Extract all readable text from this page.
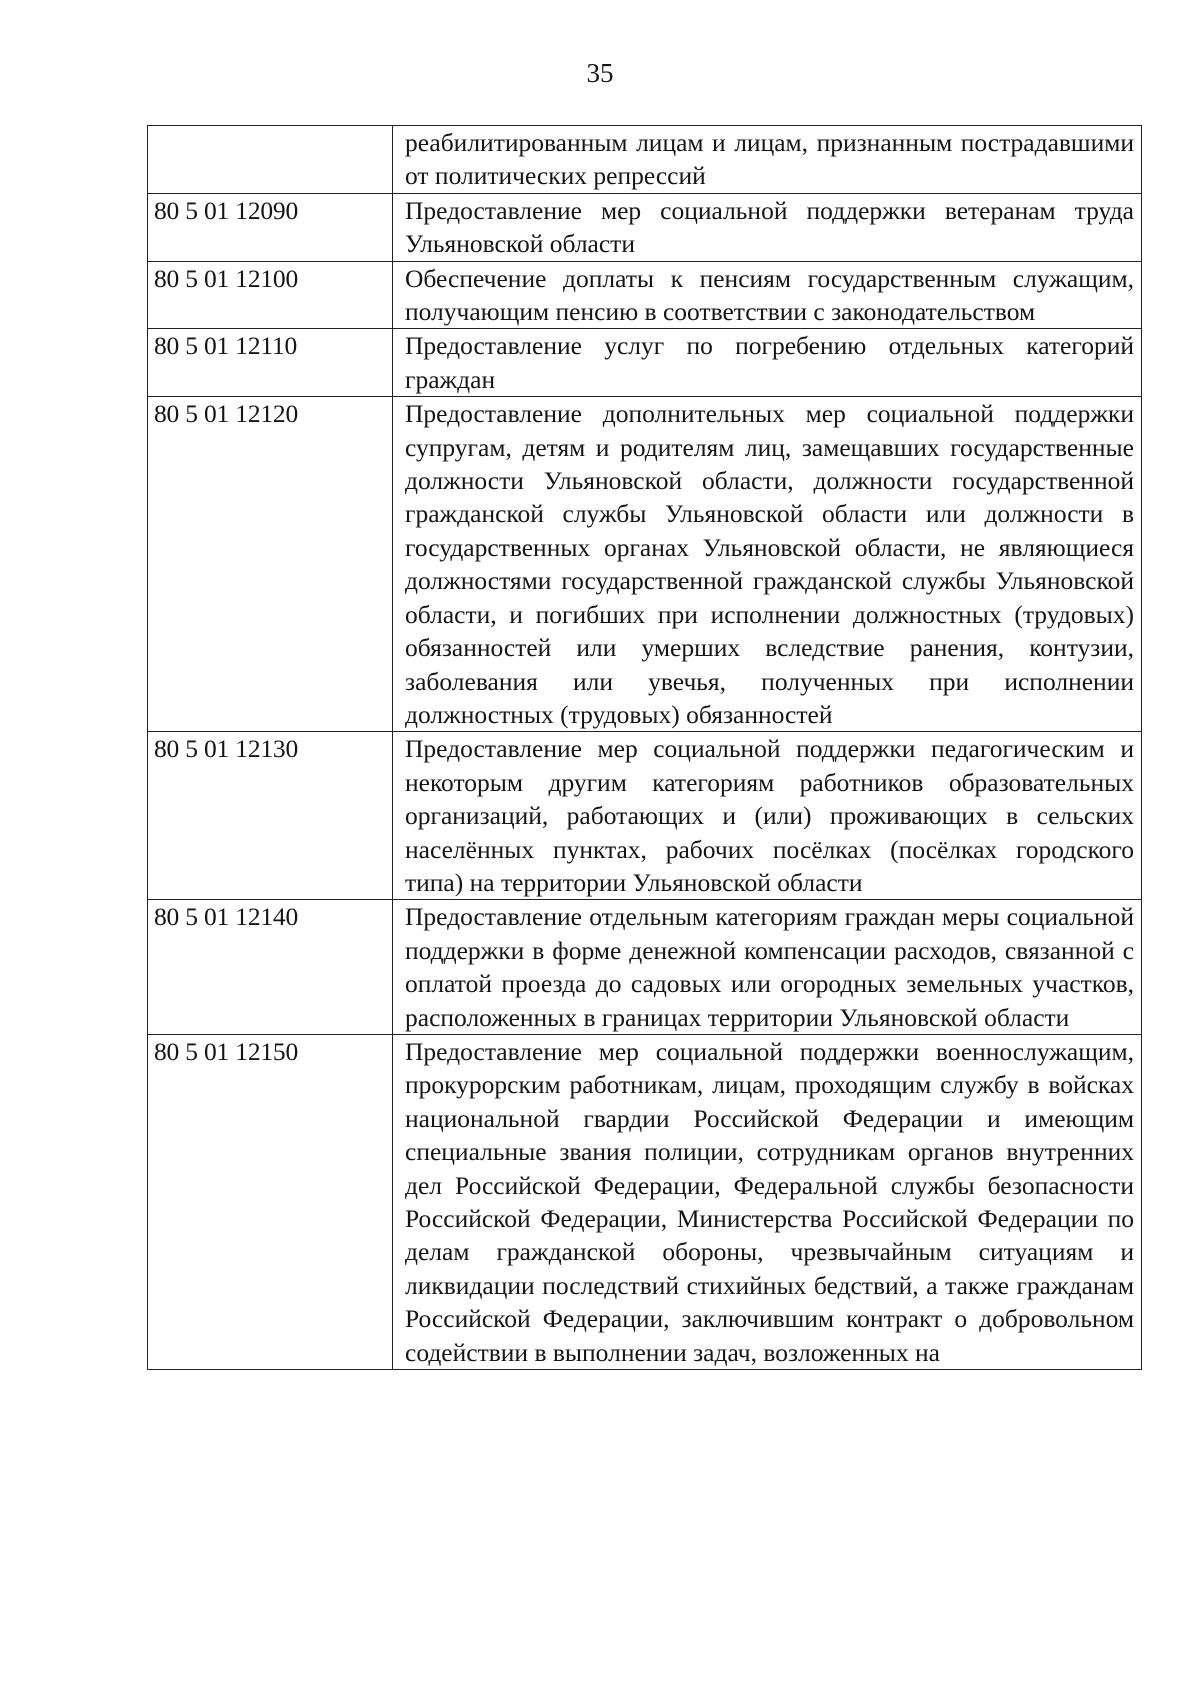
35
	реабилитированным лицам и лицам, признанным пострадавшими от политических репрессий
80 5 01 12090	Предоставление мер социальной поддержки ветеранам труда Ульяновской области
80 5 01 12100	Обеспечение доплаты к пенсиям государственным служащим, получающим пенсию в соответствии с законодательством
80 5 01 12110	Предоставление услуг по погребению отдельных категорий граждан
80 5 01 12120	Предоставление дополнительных мер социальной поддержки супругам, детям и родителям лиц, замещавших государственные должности Ульяновской области, должности государственной гражданской службы Ульяновской области или должности в государственных органах Ульяновской области, не являющиеся должностями государственной гражданской службы Ульяновской области, и погибших при исполнении должностных (трудовых) обязанностей или умерших вследствие ранения, контузии, заболевания или увечья, полученных при исполнении должностных (трудовых) обязанностей
80 5 01 12130	Предоставление мер социальной поддержки педагогическим и некоторым другим категориям работников образовательных организаций, работающих и (или) проживающих в сельских населённых пунктах, рабочих посёлках (посёлках городского типа) на территории Ульяновской области
80 5 01 12140	Предоставление отдельным категориям граждан меры социальной поддержки в форме денежной компенсации расходов, связанной с оплатой проезда до садовых или огородных земельных участков, расположенных в границах территории Ульяновской области
80 5 01 12150	Предоставление мер социальной поддержки военнослужащим, прокурорским работникам, лицам, проходящим службу в войсках национальной гвардии Российской Федерации и имеющим специальные звания полиции, сотрудникам органов внутренних дел Российской Федерации, Федеральной службы безопасности Российской Федерации, Министерства Российской Федерации по делам гражданской обороны, чрезвычайным ситуациям и ликвидации последствий стихийных бедствий, а также гражданам Российской Федерации, заключившим контракт о добровольном содействии в выполнении задач, возложенных на
